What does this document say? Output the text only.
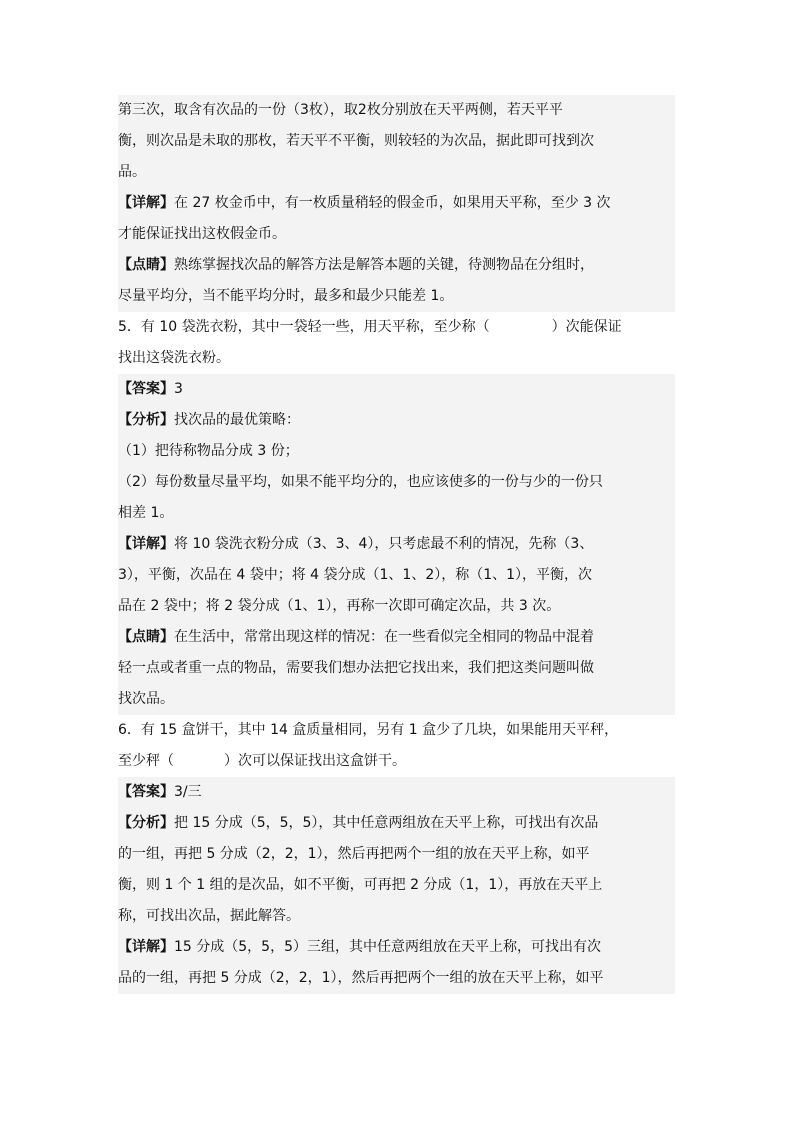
第三次，取含有次品的一份（3枚），取2枚分别放在天平两侧，若天平平
衡，则次品是未取的那枚，若天平不平衡，则较轻的为次品，据此即可找到次
品。
【详解】在 27 枚金币中，有一枚质量稍轻的假金币，如果用天平称，至少 3 次
才能保证找出这枚假金币。
【点睛】熟练掌握找次品的解答方法是解答本题的关键，待测物品在分组时，
尽量平均分，当不能平均分时，最多和最少只能差 1。
5．有 10 袋洗衣粉，其中一袋轻一些，用天平称，至少称（	）次能保证
找出这袋洗衣粉。
【答案】3
【分析】找次品的最优策略：
（1）把待称物品分成 3 份；
（2）每份数量尽量平均，如果不能平均分的，也应该使多的一份与少的一份只
相差 1。
【详解】将 10 袋洗衣粉分成（3、3、4），只考虑最不利的情况，先称（3、
3），平衡，次品在 4 袋中；将 4 袋分成（1、1、2），称（1、1），平衡，次
品在 2 袋中；将 2 袋分成（1、1），再称一次即可确定次品，共 3 次。
【点睛】在生活中，常常出现这样的情况：在一些看似完全相同的物品中混着
轻一点或者重一点的物品，需要我们想办法把它找出来，我们把这类问题叫做
找次品。
6．有 15 盒饼干，其中 14 盒质量相同，另有 1 盒少了几块，如果能用天平秤，
至少秤（	）次可以保证找出这盒饼干。
【答案】3/三
【分析】把 15 分成（5，5，5），其中任意两组放在天平上称，可找出有次品
的一组，再把 5 分成（2，2，1），然后再把两个一组的放在天平上称，如平
衡，则 1 个 1 组的是次品，如不平衡，可再把 2 分成（1，1），再放在天平上
称，可找出次品，据此解答。
【详解】15 分成（5，5，5）三组，其中任意两组放在天平上称，可找出有次
品的一组，再把 5 分成（2，2，1），然后再把两个一组的放在天平上称，如平
